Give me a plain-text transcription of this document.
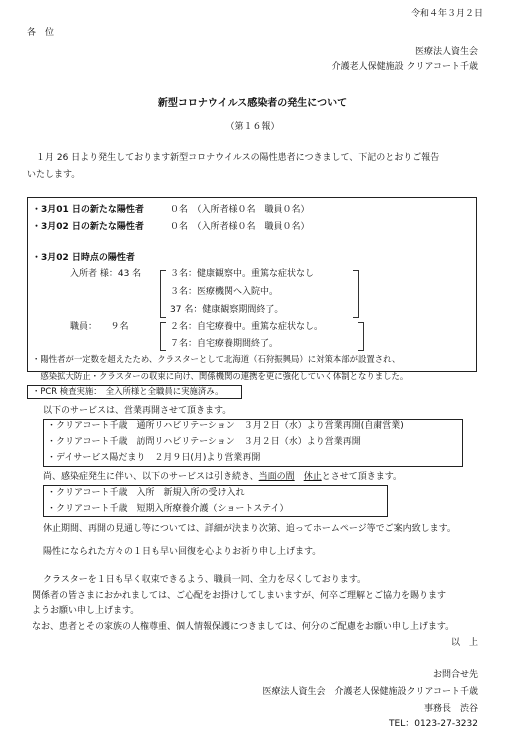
令和４年３月２日
各　位
医療法人資生会
介護老人保健施設 クリアコート千歳
新型コロナウイルス感染者の発生について
（第１６報）
　１月 26 日より発生しております新型コロナウイルスの陽性患者につきまして、下記のとおりご報告
いたします。
・3月01 日の新たな陽性者	０名　（入所者様０名　職員０名）
・3月02 日の新たな陽性者	０名　（入所者様０名　職員０名）
・3月02 日時点の陽性者
入所者 様：43 名	３名：健康観察中。重篤な症状なし
３名：医療機関へ入院中。
37 名：健康観察期間終了。
職員：　　９名	２名：自宅療養中。重篤な症状なし。
７名：自宅療養期間終了。
・陽性者が一定数を超えたため、クラスターとして北海道（石狩振興局）に対策本部が設置され、
　感染拡大防止・クラスターの収束に向け、関係機関の連携を更に強化していく体制となりました。
・PCR 検査実施：　全入所様と全職員に実施済み。
以下のサービスは、営業再開させて頂きます。
・クリアコート千歳　通所リハビリテーション　３月２日（水）より営業再開(自粛営業)
・クリアコート千歳　訪問リハビリテーション　３月２日（水）より営業再開
・デイサービス陽だまり　２月９日(月)より営業再開
尚、感染症発生に伴い、以下のサービスは引き続き、当面の間　 休止とさせて頂きます。
・クリアコート千歳　入所　新規入所の受け入れ
・クリアコート千歳　短期入所療養介護（ショートステイ）
休止期間、再開の見通し等については、詳細が決まり次第、追ってホームページ等でご案内致します。
陽性になられた方々の１日も早い回復を心よりお祈り申し上げます。
クラスターを１日も早く収束できるよう、職員一同、全力を尽くしております。
関係者の皆さまにおかれましては、ご心配をお掛けしてしまいますが、何卒ご理解とご協力を賜ります
ようお願い申し上げます。
なお、患者とその家族の人権尊重、個人情報保護につきましては、何分のご配慮をお願い申し上げます。
以　上
お問合せ先
医療法人資生会　介護老人保健施設クリアコート千歳
事務長　渋谷
TEL：0123-27-3232
